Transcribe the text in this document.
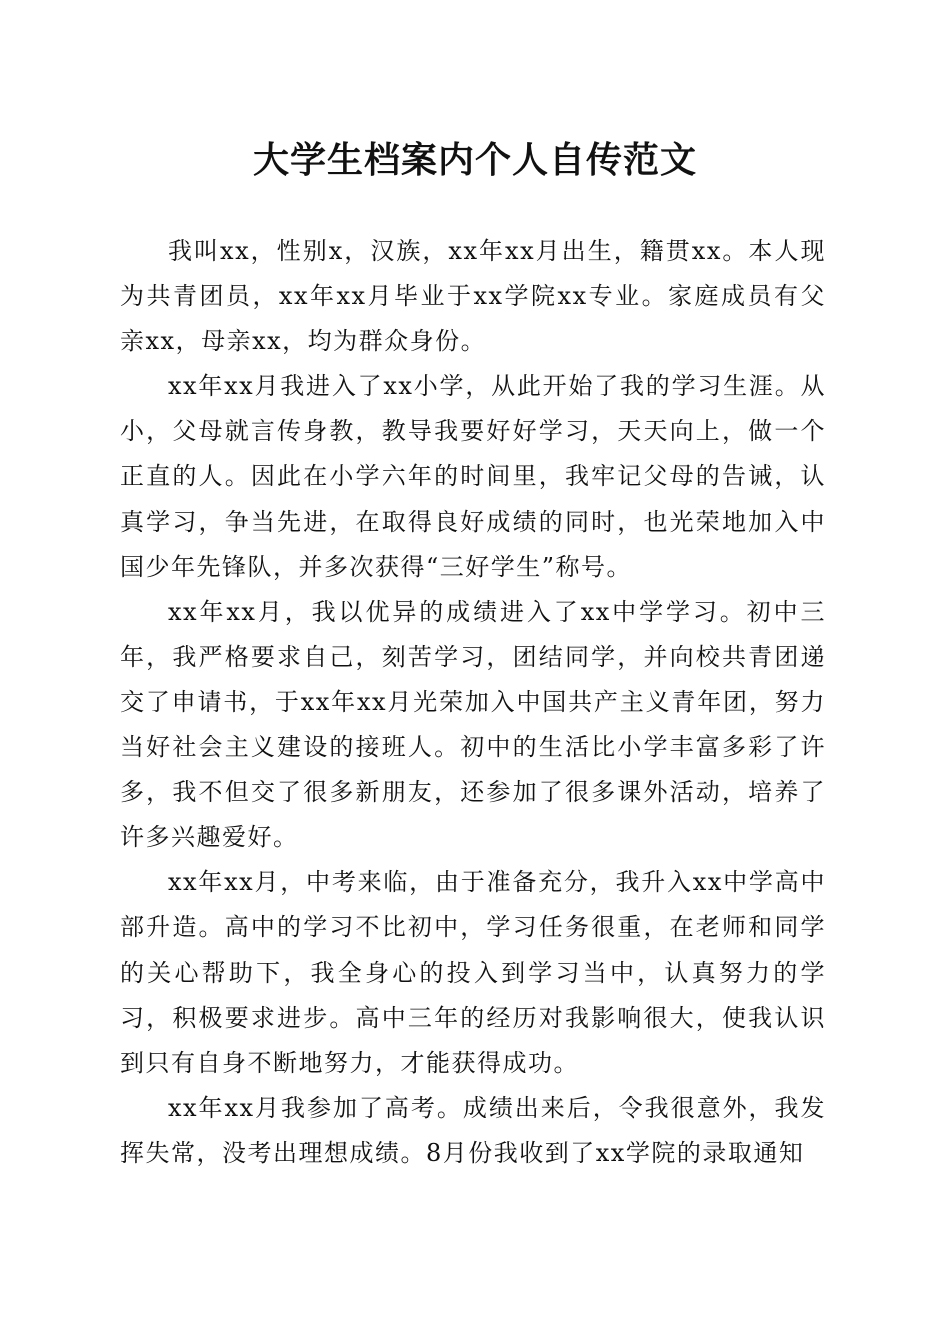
大学生档案内个人自传范文

我叫xx，性别x，汉族，xx年xx月出生，籍贯xx。本人现为共青团员，xx年xx月毕业于xx学院xx专业。家庭成员有父亲xx，母亲xx，均为群众身份。

xx年xx月我进入了xx小学，从此开始了我的学习生涯。从小，父母就言传身教，教导我要好好学习，天天向上，做一个正直的人。因此在小学六年的时间里，我牢记父母的告诫，认真学习，争当先进，在取得良好成绩的同时，也光荣地加入中国少年先锋队，并多次获得“三好学生”称号。

xx年xx月，我以优异的成绩进入了xx中学学习。初中三年，我严格要求自己，刻苦学习，团结同学，并向校共青团递交了申请书，于xx年xx月光荣加入中国共产主义青年团，努力当好社会主义建设的接班人。初中的生活比小学丰富多彩了许多，我不但交了很多新朋友，还参加了很多课外活动，培养了许多兴趣爱好。

xx年xx月，中考来临，由于准备充分，我升入xx中学高中部升造。高中的学习不比初中，学习任务很重，在老师和同学的关心帮助下，我全身心的投入到学习当中，认真努力的学习，积极要求进步。高中三年的经历对我影响很大，使我认识到只有自身不断地努力，才能获得成功。

xx年xx月我参加了高考。成绩出来后，令我很意外，我发挥失常，没考出理想成绩。8月份我收到了xx学院的录取通知
